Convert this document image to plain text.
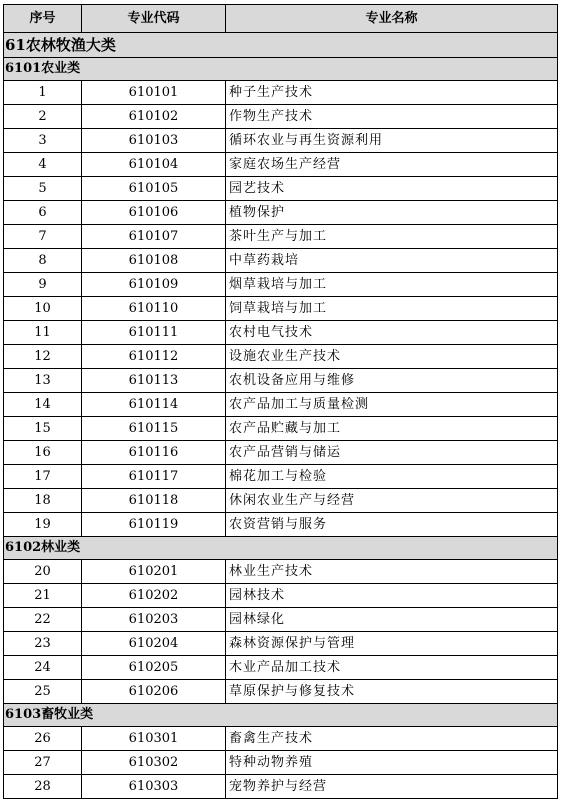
序号	专业代码	专业名称
61农林牧渔大类		
6101农业类		
1	610101	种子生产技术
2	610102	作物生产技术
3	610103	循环农业与再生资源利用
4	610104	家庭农场生产经营
5	610105	园艺技术
6	610106	植物保护
7	610107	茶叶生产与加工
8	610108	中草药栽培
9	610109	烟草栽培与加工
10	610110	饲草栽培与加工
11	610111	农村电气技术
12	610112	设施农业生产技术
13	610113	农机设备应用与维修
14	610114	农产品加工与质量检测
15	610115	农产品贮藏与加工
16	610116	农产品营销与储运
17	610117	棉花加工与检验
18	610118	休闲农业生产与经营
19	610119	农资营销与服务
6102林业类		
20	610201	林业生产技术
21	610202	园林技术
22	610203	园林绿化
23	610204	森林资源保护与管理
24	610205	木业产品加工技术
25	610206	草原保护与修复技术
6103畜牧业类		
26	610301	畜禽生产技术
27	610302	特种动物养殖
28	610303	宠物养护与经营
